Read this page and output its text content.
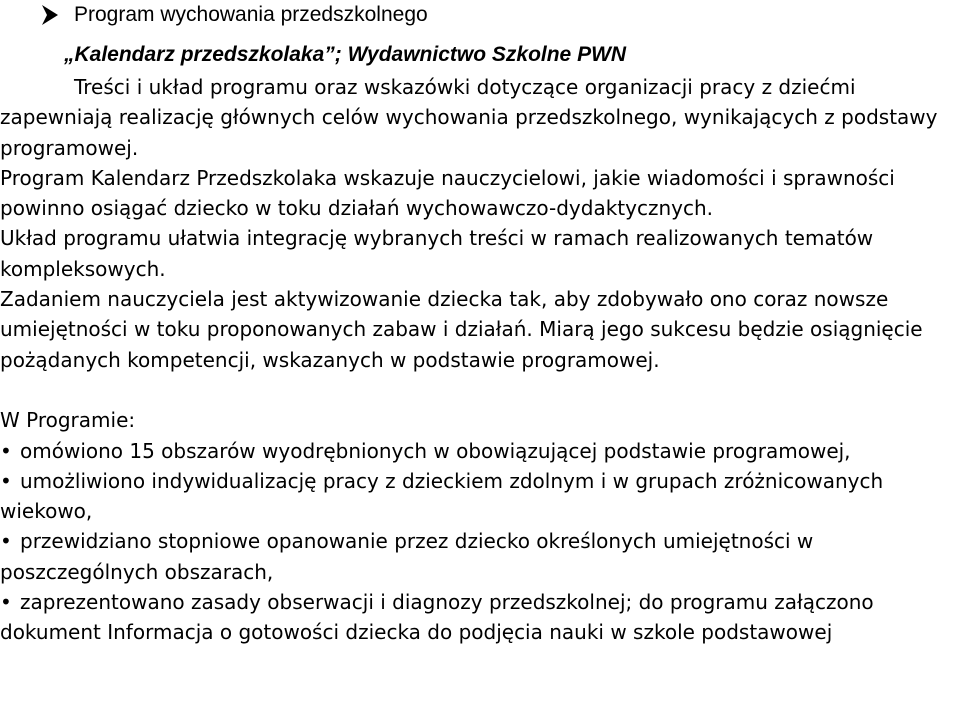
Program wychowania przedszkolnego
„Kalendarz przedszkolaka”; Wydawnictwo Szkolne PWN

Treści i układ programu oraz wskazówki dotyczące organizacji pracy z dziećmi zapewniają realizację głównych celów wychowania przedszkolnego, wynikających z podstawy programowej.

Program Kalendarz Przedszkolaka wskazuje nauczycielowi, jakie wiadomości i sprawności powinno osiągać dziecko w toku działań wychowawczo-dydaktycznych.

Układ programu ułatwia integrację wybranych treści w ramach realizowanych tematów kompleksowych.

Zadaniem nauczyciela jest aktywizowanie dziecka tak, aby zdobywało ono coraz nowsze umiejętności w toku proponowanych zabaw i działań. Miarą jego sukcesu będzie osiągnięcie pożądanych kompetencji, wskazanych w podstawie programowej.

W Programie:

• omówiono 15 obszarów wyodrębnionych w obowiązującej podstawie programowej,

• umożliwiono indywidualizację pracy z dzieckiem zdolnym i w grupach zróżnicowanych   wiekowo,

• przewidziano stopniowe opanowanie przez dziecko określonych umiejętności w poszczególnych obszarach,

• zaprezentowano zasady obserwacji i diagnozy przedszkolnej; do programu załączono dokument Informacja o gotowości dziecka do podjęcia nauki w szkole podstawowej
